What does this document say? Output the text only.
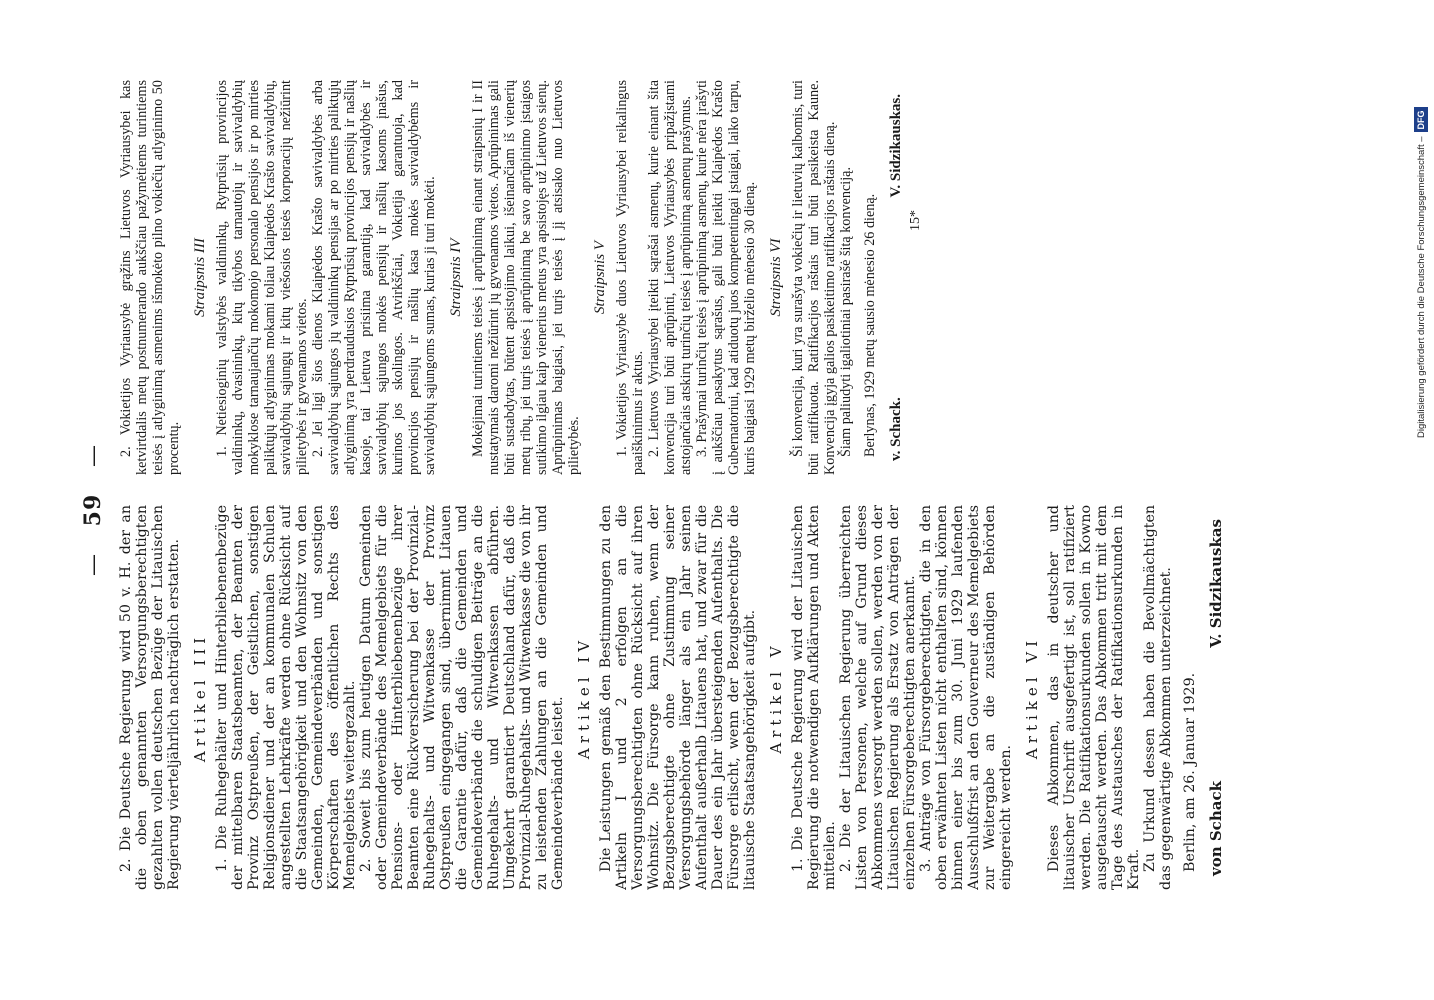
— 59 —

2. Die Deutsche Regierung wird 50 v. H. der an die oben genannten Versorgungsberechtigten gezahlten vollen deutschen Bezüge der Litauischen Regierung vierteljährlich nachträglich erstatten. Artikel III 1. Die Ruhegehälter und Hinterbliebenenbezüge der mittelbaren Staatsbeamten, der Beamten der Provinz Ostpreußen, der Geistlichen, sonstigen Religionsdiener und der an kommunalen Schulen angestellten Lehrkräfte werden ohne Rücksicht auf die Staatsangehörigkeit und den Wohnsitz von den Gemeinden, Gemeindeverbänden und sonstigen Körperschaften des öffentlichen Rechts des Memelgebiets weitergezahlt. 2. Soweit bis zum heutigen Datum Gemeinden oder Gemeindeverbände des Memelgebiets für die Pensions- oder Hinterbliebenenbezüge ihrer Beamten eine Rückversicherung bei der Provinzial-Ruhegehalts- und Witwenkasse der Provinz Ostpreußen eingegangen sind, übernimmt Litauen die Garantie dafür, daß die Gemeinden und Gemeindeverbände die schuldigen Beiträge an die Ruhegehalts- und Witwenkassen abführen. Umgekehrt garantiert Deutschland dafür, daß die Provinzial-Ruhegehalts- und Witwenkasse die von ihr zu leistenden Zahlungen an die Gemeinden und Gemeindeverbände leistet. Artikel IV Die Leistungen gemäß den Bestimmungen zu den Artikeln I und 2 erfolgen an die Versorgungsberechtigten ohne Rücksicht auf ihren Wohnsitz. Die Fürsorge kann ruhen, wenn der Bezugsberechtigte ohne Zustimmung seiner Versorgungsbehörde länger als ein Jahr seinen Aufenthalt außerhalb Litauens hat, und zwar für die Dauer des ein Jahr übersteigenden Aufenthalts. Die Fürsorge erlischt, wenn der Bezugsberechtigte die litauische Staatsangehörigkeit aufgibt. Artikel V 1. Die Deutsche Regierung wird der Litauischen Regierung die notwendigen Aufklärungen und Akten mitteilen. 2. Die der Litauischen Regierung überreichten Listen von Personen, welche auf Grund dieses Abkommens versorgt werden sollen, werden von der Litauischen Regierung als Ersatz von Anträgen der einzelnen Fürsorgeberechtigten anerkannt. 3. Anträge von Fürsorgeberechtigten, die in den oben erwähnten Listen nicht enthalten sind, können binnen einer bis zum 30. Juni 1929 laufenden Ausschlußfrist an den Gouverneur des Memelgebiets zur Weitergabe an die zuständigen Behörden eingereicht werden.

Artikel VI Dieses Abkommen, das in deutscher und litauischer Urschrift ausgefertigt ist, soll ratifiziert werden. Die Ratifikationsurkunden sollen in Kowno ausgetauscht werden. Das Abkommen tritt mit dem Tage des Austausches der Ratifikationsurkunden in Kraft. Zu Urkund dessen haben die Bevollmächtigten das gegenwärtige Abkommen unterzeichnet. Berlin, am 26. Januar 1929. von Schack
V. Sidzikauskas

2. Vokietijos Vyriausybė grąžins Lietuvos Vyriausybei kas ketvirtdalis metų postnumerando aukščiau pažymėtiems turintiems teisės į atlyginimą asmenims išmokėto pilno vokiečių atlyginimo 50 procentų.

Straipsnis III 1. Netiesioginių valstybės valdininkų, Rytprūsių provincijos valdininkų, dvasininkų, kitų tikybos tarnautojų ir savivaldybių mokyklose tarnaujančių mokomojo personalo pensijos ir po mirties paliktųjų atlyginimas mokami toliau Klaipėdos Krašto savivaldybių, savivaldybių sąjungų ir kitų viešosios teisės korporacijų nežiūrint pilietybės ir gyvenamos vietos. 2. Jei ligi šios dienos Klaipėdos Krašto savivaldybės arba savivaldybių sąjungos jų valdininkų pensijas ar po mirties paliktųjų atlyginimą yra perdraudusios Rytprūsių provincijos pensijų ir našlių kasoje, tai Lietuva prisiima garantiją, kad savivaldybės ir savivaldybių sąjungos mokės pensijų ir našlių kasoms įnašus, kurinos jos skolingos. Atvirkščiai, Vokietija garantuoja, kad provincijos pensijų ir našlių kasa mokės savivaldybėms ir savivaldybių sąjungoms sumas, kurias ji turi mokėti. Straipsnis IV Mokėjimai turintiems teisės į aprūpinimą einant straipsnių I ir II nustatymais daromi nežiūrint jų gyvenamos vietos. Aprūpinimas gali būti sustabdytas, būtent apsistojimo laikui, išeinančiam iš vienerių metų ribų, jei turįs teisės į aprūpinimą be savo aprūpinimo įstaigos sutikimo ilgiau kaip vienerius metus yra apsistojęs už Lietuvos sienų. Aprūpinimas baigiasi, jei turįs teisės į jį atsisako nuo Lietuvos pilietybės.

Straipsnis V 1. Vokietijos Vyriausybė duos Lietuvos Vyriausybei reikalingus paaiškinimus ir aktus. 2. Lietuvos Vyriausybei įteikti sąrašai asmenų, kurie einant šita konvencija turi būti aprūpinti, Lietuvos Vyriausybės pripažįstami atstojančiais atskirų turinčių teisės į aprūpinimą asmenų prašymus. 3. Prašymai turinčių teisės į aprūpinimą asmenų, kurie nėra įrašyti į aukščiau pasakytus sąrašus, gali būti įteikti Klaipėdos Krašto Gubernatoriui, kad atiduotų juos kompetentingai įstaigai, laiko tarpu, kuris baigiasi 1929 metų birželio mėnesio 30 dieną. Straipsnis VI Ši konvencija, kuri yra surašyta vokiečių ir lietuvių kalbomis, turi būti ratifikuota. Ratifikacijos raštais turi būti pasikeista Kaune. Konvencija įgyja galios pasikeitimo ratifikacijos raštais dieną. Šiam paliudyti igaliotiniai pasirašė šitą konvenciją. Berlynas, 1929 metų sausio mėnesio 26 dieną. v. Schack.
V. Sidzikauskas.
15*	Digitalisierung gefördert durch die Deutsche Forschungsgemeinschaft –DFG
